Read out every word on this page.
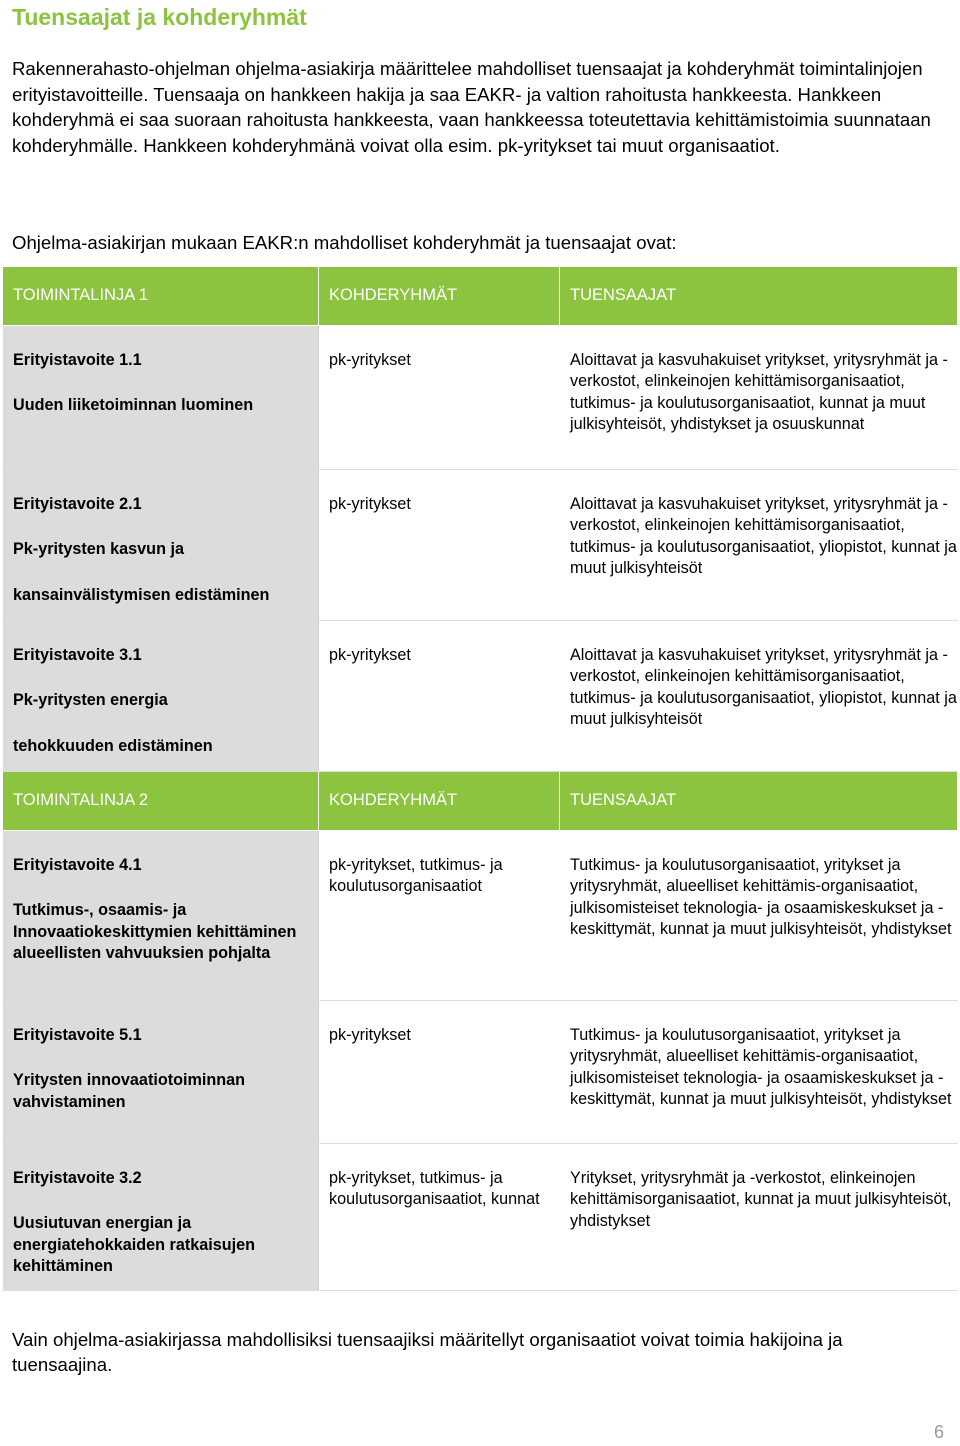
Tuensaajat ja kohderyhmät
Rakennerahasto-ohjelman ohjelma-asiakirja määrittelee mahdolliset tuensaajat ja kohderyhmät toimintalinjojen erityistavoitteille. Tuensaaja on hankkeen hakija ja saa EAKR- ja valtion rahoitusta hankkeesta. Hankkeen kohderyhmä ei saa suoraan rahoitusta hankkeesta, vaan hankkeessa toteutettavia kehittämistoimia suunnataan kohderyhmälle. Hankkeen kohderyhmänä voivat olla esim. pk-yritykset tai muut organisaatiot.
Ohjelma-asiakirjan mukaan EAKR:n mahdolliset kohderyhmät ja tuensaajat ovat:
TOIMINTALINJA 1	KOHDERYHMÄT	TUENSAAJAT

Erityistavoite 1.1

Uuden liiketoiminnan luominen	pk-yritykset	Aloittavat ja kasvuhakuiset yritykset, yritysryhmät ja -verkostot, elinkeinojen kehittämisorganisaatiot, tutkimus- ja koulutusorganisaatiot, kunnat ja muut julkisyhteisöt, yhdistykset ja osuuskunnat

Erityistavoite 2.1

Pk-yritysten kasvun ja

kansainvälistymisen edistäminen	pk-yritykset	Aloittavat ja kasvuhakuiset yritykset, yritysryhmät ja -verkostot, elinkeinojen kehittämisorganisaatiot, tutkimus- ja koulutusorganisaatiot, yliopistot, kunnat ja muut julkisyhteisöt

Erityistavoite 3.1

Pk-yritysten energia

tehokkuuden edistäminen	pk-yritykset	Aloittavat ja kasvuhakuiset yritykset, yritysryhmät ja -verkostot, elinkeinojen kehittämisorganisaatiot, tutkimus- ja koulutusorganisaatiot, yliopistot, kunnat ja muut julkisyhteisöt
TOIMINTALINJA 2	KOHDERYHMÄT	TUENSAAJAT

Erityistavoite 4.1

Tutkimus-, osaamis- ja Innovaatiokeskittymien kehittäminen alueellisten vahvuuksien pohjalta	pk-yritykset, tutkimus- ja koulutusorganisaatiot	Tutkimus- ja koulutusorganisaatiot, yritykset ja yritysryhmät, alueelliset kehittämis-organisaatiot, julkisomisteiset teknologia- ja osaamiskeskukset ja -keskittymät, kunnat ja muut julkisyhteisöt, yhdistykset

Erityistavoite 5.1

Yritysten innovaatiotoiminnan vahvistaminen	pk-yritykset	Tutkimus- ja koulutusorganisaatiot, yritykset ja yritysryhmät, alueelliset kehittämis-organisaatiot, julkisomisteiset teknologia- ja osaamiskeskukset ja -keskittymät, kunnat ja muut julkisyhteisöt, yhdistykset

Erityistavoite 3.2

Uusiutuvan energian ja energiatehokkaiden ratkaisujen kehittäminen	pk-yritykset, tutkimus- ja koulutusorganisaatiot, kunnat	Yritykset, yritysryhmät ja -verkostot, elinkeinojen kehittämisorganisaatiot, kunnat ja muut julkisyhteisöt, yhdistykset
Vain ohjelma-asiakirjassa mahdollisiksi tuensaajiksi määritellyt organisaatiot voivat toimia hakijoina ja tuensaajina.
6
